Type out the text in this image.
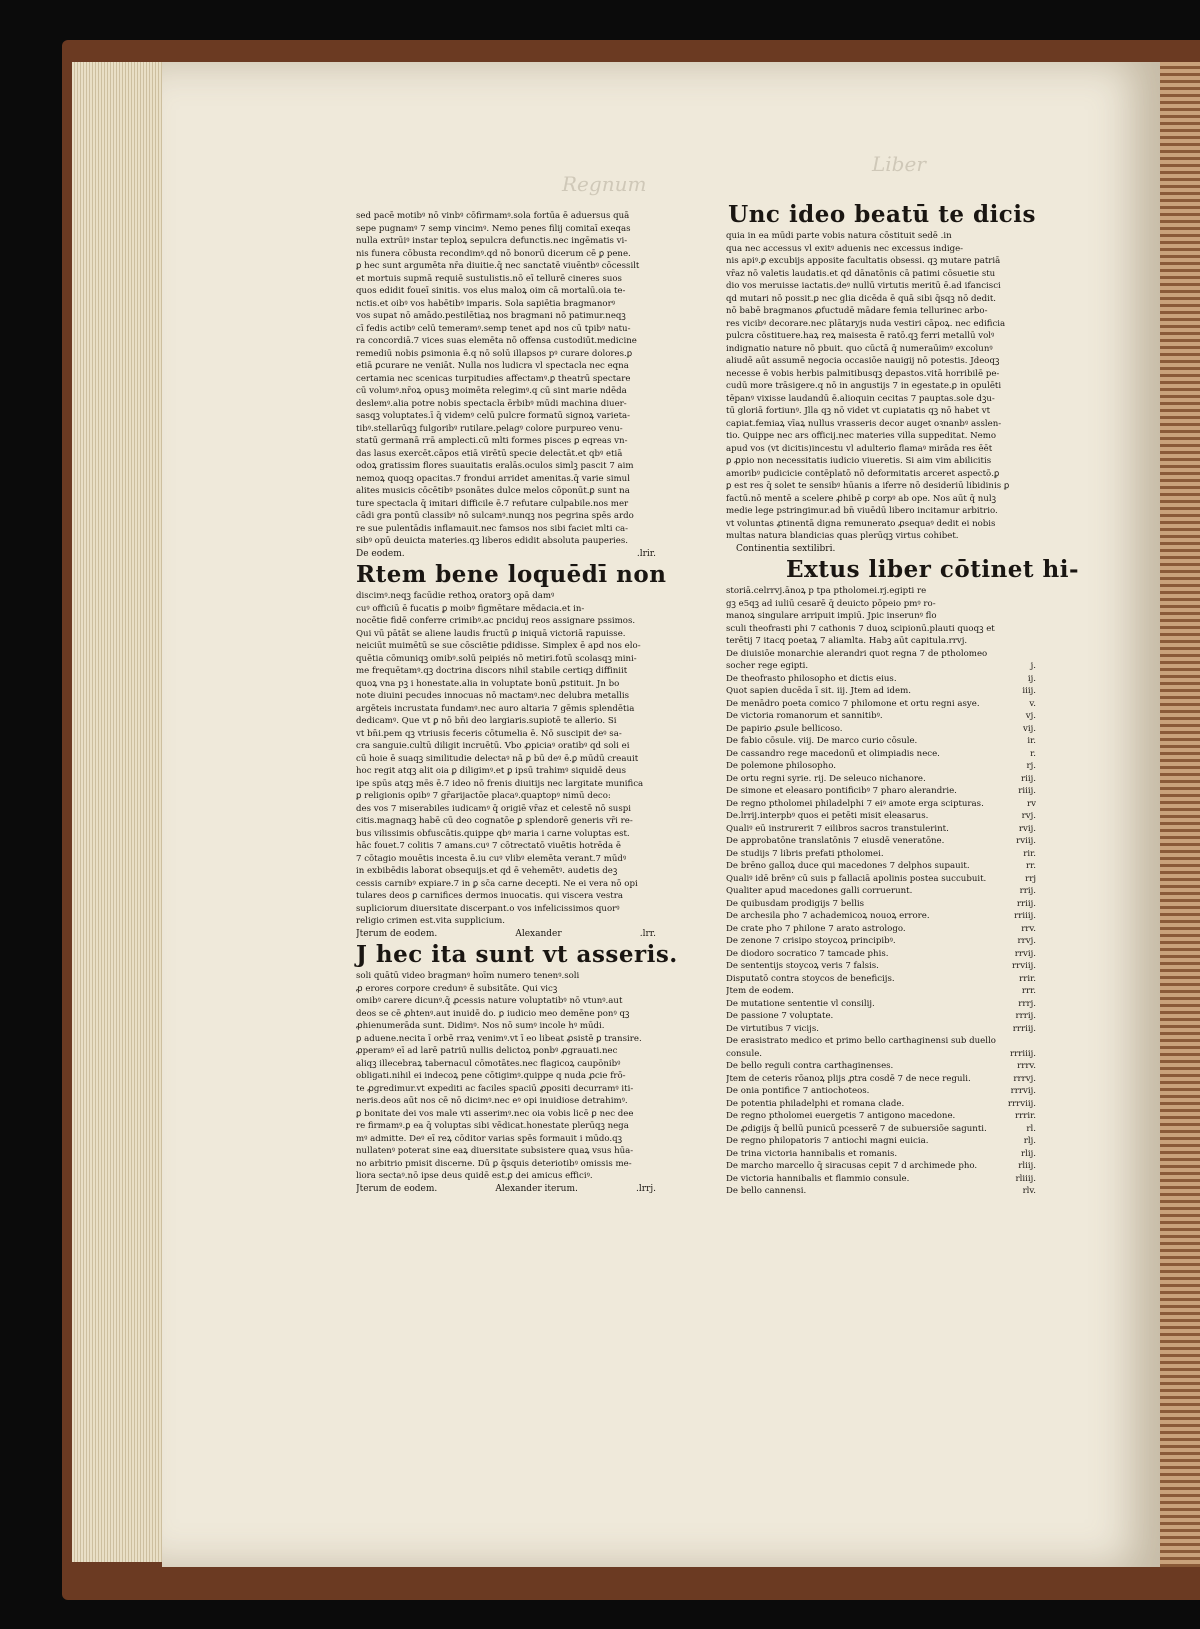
Regnum
Liber
sed pacē motibꝰ nō vinbꝰ cōfirmamꝰ.sola fortūa ē aduersus quā
sepe pugnamꝰ 7 semp vincimꝰ. Nemo penes filij comitaī exeqas
nulla extrūiꝰ instar teploꝝ sepulcra defunctis.nec ingēmatis vi-
nis funera cōbusta recondimꝰ.qd nō bonorū dicerum cē ꝑ pene.
ꝑ hec sunt argumēta nr̄a diuitie.q̄ nec sanctatē viuēntbꝰ cōcessilt
et mortuis supmā requiē sustulistis.nō eī tellurē cineres suos
quos edidit foueī sinitis. vos elus maloꝝ oim cā mortalū.oia te-
nctis.et oibꝰ vos habētibꝰ imparis. Sola sapiētia bragmanorꝰ
vos supat nō amādo.pestilētiaꝝ nos bragmani nō patimur.neqꝫ
cī fedis actibꝰ celū temeramꝰ.semp tenet apd nos cū tpibꝰ natu-
ra concordiā.7 vices suas elemēta nō offensa custodiūt.medicine
remediū nobis ꝑsimonia ē.q nō solū illapsos pꝰ curare dolores.ꝑ
etiā ꝑcurare ne veniāt. Nulla nos ludicra vl spectacla nec eqna
certamia nec scenicas turpitudies affectamꝰ.ꝑ theatrū spectare
cū volumꝰ.nr̄oꝝ opusꝫ moimēta relegimꝰ.q cū sint marie ndēda
deslemꝰ.alia potre nobis spectacla ērbibꝰ mūdi machina diuer-
sasqꝫ voluptates.ī q̄ videmꝰ celū pulcre formatū signoꝝ varieta-
tibꝰ.stellarūqꝫ fulgoribꝰ rutilare.pelagꝰ colore purpureo venu-
statū germanā rrā amplecti.cū mlti formes pisces ꝑ eqreas vn-
das lasus exercēt.cāpos etiā virētū specie delectāt.et qbꝰ etiā
odoꝝ gratissim flores suauitatis eralās.oculos simlꝫ pascit 7 aim
nemoꝝ quoqꝫ opacitas.7 frondui arridet amenitas.q̄ varie simul
alites musicis cōcētibꝰ psonātes dulce melos cōponūt.ꝑ sunt na
ture spectacla q̄ imitari difficile ē.7 refutare culpabile.nos mer
cādi gra pontū classibꝰ nō sulcamꝰ.nunqꝫ nos pegrina spēs ardo
re sue pulentādis inflamauit.nec famsos nos sibi faciet mlti ca-
sibꝰ opū deuicta materies.qꝫ liberos edidit absoluta pauperies.
De eodem.	.lrir.
Rtem bene loquēdī non
discimꝰ.neqꝫ facūdie rethoꝝ oratorꝫ opā damꝰ
cuꝰ officiū ē fucatis ꝑ moibꝰ figmētare mēdacia.et in-
nocētie fidē conferre crimibꝰ.ac pnciduj reos assignare pssimos.
Qui vū pātāt se aliene laudis fructū ꝑ iniquā victoriā rapuisse.
neiciūt muimētū se sue cōsciētie pdidisse. Simplex ē apd nos elo-
quētia cōmuniqꝫ omibꝰ.solū peipiés nō metiri.fotū scolasqꝫ mini-
me frequētamꝰ.qꝫ doctrina discors nihil stabile certiqꝫ diffiniit
quoꝝ vna pꝫ i honestate.alia in voluptate bonū ꝓstituit. Jn bo
note diuini pecudes innocuas nō mactamꝰ.nec delubra metallis
argēteis incrustata fundamꝰ.nec auro altaria 7 gēmis splendētia
dedicamꝰ. Que vt ꝑ nō bn̄i deo largiaris.supiotē te allerio. Si
vt bn̄i.pem qꝫ vtriusis feceris cōtumelia ē. Nō suscipit deꝰ sa-
cra sanguie.cultū diligit incruētū. Vbo ꝓpiciaꝰ oratibꝰ qd soli ei
cū hoie ē suaqꝫ similitudie delectaꝰ nā ꝑ bū deꝰ ē.ꝑ mūdū creauit
hoc regit atqꝫ alit oia ꝑ diligimꝰ.et ꝑ ipsū trahimꝰ siquidē deus
ipe spūs atqꝫ mēs ē.7 ideo nō frenis diuitijs nec largitate munifica
ꝑ religionis opibꝰ 7 gr̄arijactōe placaꝰ.quaptopꝰ nimū deco:
des vos 7 miserabiles iudicamꝰ q̄ origiē vr̄az et celestē nō suspi
citis.magnaqꝫ habē cū deo cognatōe ꝑ splendorē generis vr̄i re-
bus vilissimis obfuscātis.quippe qbꝰ maria i carne voluptas est.
hāc fouet.7 colitis 7 amans.cuꝰ 7 cōtrectatō viuētis hotrēda ē
7 cōtagio mouētis incesta ē.iu cuꝰ vlibꝰ elemēta verant.7 mūdꝰ
in exbibēdis laborat obsequijs.et qd ē vehemētꝰ. audetis deꝫ
cessis carnibꝰ expiare.7 in ꝑ sc̄a carne decepti. Ne ei vera nō opi
tulares deos ꝑ carnifices dermos inuocatis. qui viscera vestra
supliciorum diuersitate discerpant.o vos infelicissimos quorꝰ
religio crimen est.vita supplicium.
Jterum de eodem.	Alexander	.lrr.
J hec ita sunt vt asseris.
soli quātū video bragmanꝰ hoīm numero tenenꝰ.soli
ꝓ erores corpore credunꝰ ē subsitāte. Qui vicꝫ
omibꝰ carere dicunꝰ.q̄ ꝓcessis nature voluptatibꝰ nō vtunꝰ.aut
deos se cē ꝓhtenꝰ.aut inuidē do. ꝑ iudicio meo demēne ponꝰ qꝫ
ꝓhienumerāda sunt. Didimꝰ. Nos nō sumꝰ incole hꝰ mūdi.
ꝑ aduene.necita ī orbē rraꝝ venimꝰ.vt ī eo libeat ꝓsistē ꝑ transire.
ꝓperamꝰ eī ad larē patriū nullis delictoꝝ ponbꝰ ꝓgrauati.nec
aliqꝫ illecebraꝝ tabernacul cōmotātes.nec flagicoꝝ caupōnibꝰ
obligati.nihil ei indecoꝝ pene cōtigimꝰ.quippe q nuda ꝓcie frō-
te ꝓgredimur.vt expediti ac faciles spaciū ꝓpositi decurramꝰ iti-
neris.deos aūt nos cē nō dicimꝰ.nec eꝰ opi inuidiose detrahimꝰ.
ꝑ bonitate dei vos male vti asserimꝰ.nec oia vobis licē ꝑ nec dee
re firmamꝰ.ꝑ ea q̄ voluptas sibi vēdicat.honestate plerūqꝫ nega
mꝰ admitte. Deꝰ eī reꝝ cōditor varias spēs formauit i mūdo.qꝫ
nullatenꝰ poterat sine eaꝝ diuersitate subsistere quaꝝ vsus hūa-
no arbitrio pmisit discerne. Dū ꝑ q̄squis deteriotibꝰ omissis me-
liora sectaꝰ.nō ipse deus quidē est.ꝑ dei amicus efficiꝰ.
Jterum de eodem.	Alexander iterum.	.lrrj.
Unc ideo beatū te dicis
quia in ea mūdi parte vobis natura cōstituit sedē .in
qua nec accessus vl exitꝰ aduenis nec excessus indige-
nis apiꝰ.ꝑ excubijs apposite facultatis obsessi. qꝫ mutare patriā
vr̄az nō valetis laudatis.et qd dānatōnis cā patimi cōsuetie stu
dio vos meruisse iactatis.deꝰ nullū virtutis meritū ē.ad ifancisci
qd mutari nō possit.ꝑ nec glia dicēda ē quā sibi q̄sqꝫ nō dedit.
nō babē bragmanos ꝓfuctudē mādare femia tellurinec arbo-
res vicibꝰ decorare.nec plātaryjs nuda vestiri cāpoꝝ. nec edificia
pulcra cōstituere.haꝝ reꝝ maisesta ē ratō.qꝫ ferri metallū volꝰ
indignatio nature nō pbuit. quo cūctā q̄ numeraūimꝰ excolunꝰ
aliudē aūt assumē negocia occasiōe nauigij nō potestis. Jdeoqꝫ
necesse ē vobis herbis palmitibusqꝫ depastos.vitā horribilē pe-
cudū more trāsigere.q nō in angustijs 7 in egestate.ꝑ in opulēti
tēpanꝰ vixisse laudandū ē.alioquin cecitas 7 pauptas.sole dꝫu-
tū gloriā fortiunꝰ. Jlla qꝫ nō videt vt cupiatatis qꝫ nō habet vt
capiat.femiaꝝ vīaꝝ nullus vrasseris decor auget oꝛnanbꝰ asslen-
tio. Quippe nec ars officij.nec materies villa suppeditat. Nemo
apud vos (vt dicitis)incestu vl adulterio flamaꝰ mirāda res ēēt
ꝑ ꝓpio non necessitatis iudicio viueretis. Si aim vim abilicitis
amoribꝰ pudicicie contēplatō nō deformitatis arceret aspectō.ꝑ
ꝑ est res q̄ solet te sensibꝰ hūanis a iferre nō desideriū libidinis ꝑ
factū.nō mentē a scelere ꝓhibē ꝑ corpꝰ ab ope. Nos aūt q̄ nulꝫ
medie lege pstringimur.ad bn̄ viuēdū libero incitamur arbitrio.
vt voluntas ꝓtinentā digna remunerato ꝓsequaꝰ dedit ei nobis
multas natura blandicias quas plerūqꝫ virtus cohibet.
Continentia sextilibri.
Extus liber cōtinet hi-
storiā.celrrvj.ānoꝝ p tpa ptholomei.rj.egipti re
gꝫ e5qꝫ ad iuliū cesarē q̄ deuicto pōpeio pmꝰ ro-
manoꝝ singulare arripuit impiū. Jpic inserunꝰ flo
sculi theofrasti phi 7 cathonis 7 duoꝝ scipionū.plauti quoqꝫ et
terētij 7 itacq poetaꝝ 7 aliamlta. Habꝫ aūt capitula.rrvj.
De diuisiōe monarchie alerandri quot regna 7 de ptholomeo
socher rege egipti.	j.
De theofrasto philosopho et dictis eius.	ij.
Quot sapien ducēda ī sit. iij. Jtem ad idem.	iiij.
De menādro poeta comico 7 philomone et ortu regni asye.	v.
De victoria romanorum et sannitibꝰ.	vj.
De papirio ꝓsule bellicoso.	vij.
De fabio cōsule. viij. De marco curio cōsule.	ir.
De cassandro rege macedonū et olimpiadis nece.	r.
De polemone philosopho.	rj.
De ortu regni syrie. rij. De seleuco nichanore.	riij.
De simone et eleasaro pontificibꝰ 7 pharo alerandrie.	riiij.
De regno ptholomei philadelphi 7 eiꝰ amote erga scipturas.	rv
De.lrrij.interpbꝰ quos ei petēti misit eleasarus.	rvj.
Qualiꝰ eū instrurerit 7 eilibros sacros transtulerint.	rvij.
De approbatōne translatōnis 7 eiusdē veneratōne.	rviij.
De studijs 7 libris prefati ptholomei.	rir.
De brēno galloꝝ duce qui macedones 7 delphos supauit.	rr.
Qualiꝰ idē brēnꝰ cū suis p fallaciā apolinis postea succubuit.	rrj
Qualiter apud macedones galli corruerunt.	rrij.
De quibusdam prodigijs 7 bellis	rriij.
De archesila pho 7 achademicoꝝ nouoꝝ errore.	rriiij.
De crate pho 7 philone 7 arato astrologo.	rrv.
De zenone 7 crisipo stoycoꝝ principibꝰ.	rrvj.
De diodoro socratico 7 tamcade phis.	rrvij.
De sententijs stoycoꝝ veris 7 falsis.	rrviij.
Disputatō contra stoycos de beneficijs.	rrir.
Jtem de eodem.	rrr.
De mutatione sententie vl consilij.	rrrj.
De passione 7 voluptate.	rrrij.
De virtutibus 7 vicijs.	rrriij.
De erasistrato medico et primo bello carthaginensi sub duello
consule.	rrriiij.
De bello reguli contra carthaginenses.	rrrv.
Jtem de ceteris rōanoꝝ plijs ꝓtra cosdē 7 de nece reguli.	rrrvj.
De onia pontifice 7 antiochoteos.	rrrvij.
De potentia philadelphi et romana clade.	rrrviij.
De regno ptholomei euergetis 7 antigono macedone.	rrrir.
De ꝓdigijs q̄ bellū punicū pcesserē 7 de subuersiōe sagunti.	rl.
De regno philopatoris 7 antiochi magni euicia.	rlj.
De trina victoria hannibalis et romanis.	rlij.
De marcho marcello q̄ siracusas cepit 7 d archimede pho.	rliij.
De victoria hannibalis et flammio consule.	rliiij.
De bello cannensi.	rlv.
